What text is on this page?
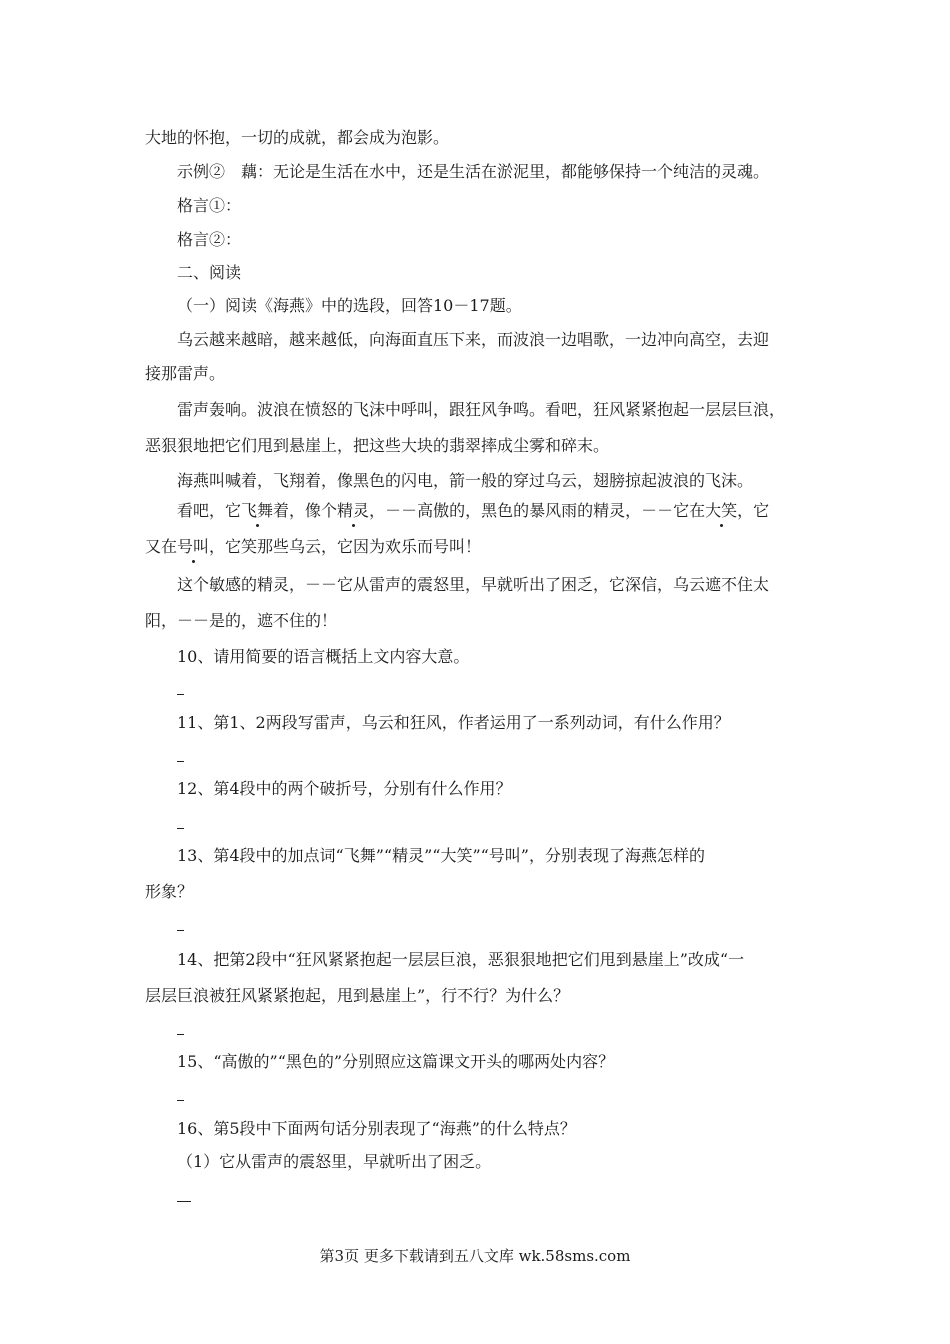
大地的怀抱，一切的成就，都会成为泡影。
示例②　藕：无论是生活在水中，还是生活在淤泥里，都能够保持一个纯洁的灵魂。
格言①：
格言②：
二、阅读
（一）阅读《海燕》中的选段，回答10－17题。
乌云越来越暗，越来越低，向海面直压下来，而波浪一边唱歌，一边冲向高空，去迎
接那雷声。
雷声轰响。波浪在愤怒的飞沫中呼叫，跟狂风争鸣。看吧，狂风紧紧抱起一层层巨浪，
恶狠狠地把它们甩到悬崖上，把这些大块的翡翠摔成尘雾和碎末。
海燕叫喊着，飞翔着，像黑色的闪电，箭一般的穿过乌云，翅膀掠起波浪的飞沫。
看吧，它飞舞着，像个精灵，－－高傲的，黑色的暴风雨的精灵，－－它在大笑，它
又在号叫，它笑那些乌云，它因为欢乐而号叫！
这个敏感的精灵，－－它从雷声的震怒里，早就听出了困乏，它深信，乌云遮不住太
阳，－－是的，遮不住的！
10、请用简要的语言概括上文内容大意。
11、第1、2两段写雷声，乌云和狂风，作者运用了一系列动词，有什么作用？
12、第4段中的两个破折号，分别有什么作用？
13、第4段中的加点词“飞舞”“精灵”“大笑”“号叫”，分别表现了海燕怎样的
形象？
14、把第2段中“狂风紧紧抱起一层层巨浪，恶狠狠地把它们甩到悬崖上”改成“一
层层巨浪被狂风紧紧抱起，甩到悬崖上”，行不行？为什么？
15、“高傲的”“黑色的”分别照应这篇课文开头的哪两处内容？
16、第5段中下面两句话分别表现了“海燕”的什么特点？
（1）它从雷声的震怒里，早就听出了困乏。
第3页 更多下载请到五八文库 wk.58sms.com
